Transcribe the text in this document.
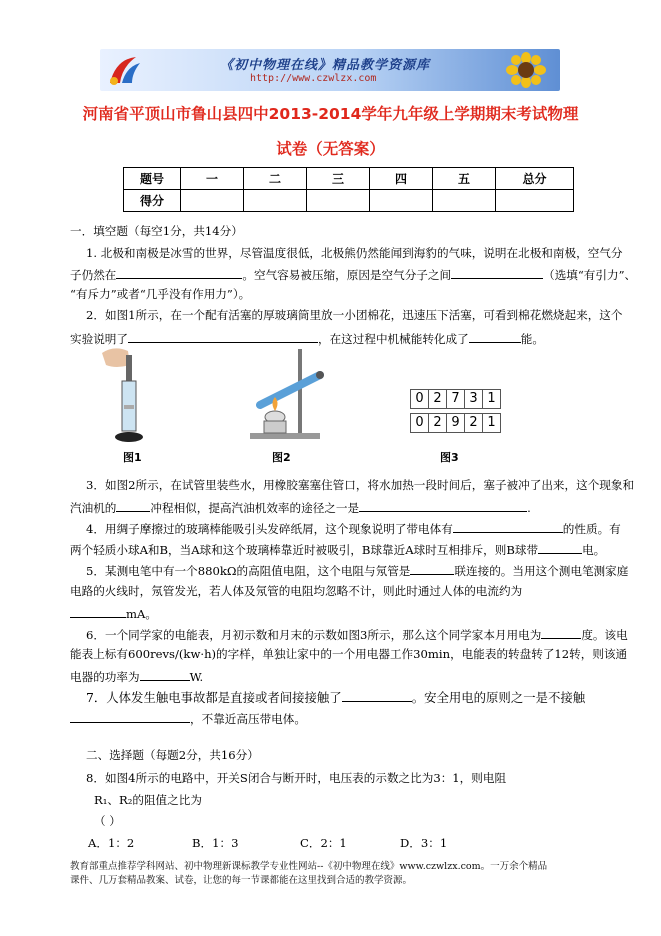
《初中物理在线》精品教学资源库
http://www.czwlzx.com
河南省平顶山市鲁山县四中2013-2014学年九年级上学期期末考试物理
试卷（无答案）
题号	一	二	三	四	五	总分
得分						
一．填空题（每空1分，共14分）
1. 北极和南极是冰雪的世界，尽管温度很低，北极熊仍然能闻到海豹的气味，说明在北极和南极，空气分
子仍然在	。空气容易被压缩，原因是空气分子之间	（选填“有引力”、
“有斥力”或者“几乎没有作用力”）。
2．如图1所示，在一个配有活塞的厚玻璃筒里放一小团棉花，迅速压下活塞，可看到棉花燃烧起来，这个
实验说明了	，在这过程中机械能转化成了	能。
0 2 7 3 1
0 2 9 2 1
图1	图2	图3
3．如图2所示，在试管里装些水，用橡胶塞塞住管口，将水加热一段时间后，塞子被冲了出来，这个现象和
汽油机的	冲程相似，提高汽油机效率的途径之一是	.
4．用绸子摩擦过的玻璃棒能吸引头发碎纸屑，这个现象说明了带电体有	的性质。有
两个轻质小球A和B，当A球和这个玻璃棒靠近时被吸引，B球靠近A球时互相排斥，则B球带	电。
5．某测电笔中有一个880kΩ的高阻值电阻，这个电阻与氖管是	联连接的。当用这个测电笔测家庭
电路的火线时，氖管发光，若人体及氖管的电阻均忽略不计，则此时通过人体的电流约为
mA。
6．一个同学家的电能表，月初示数和月末的示数如图3所示，那么这个同学家本月用电为	度。该电
能表上标有600revs/(kw·h)的字样，单独让家中的一个用电器工作30min，电能表的转盘转了12转，则该通
电器的功率为	W.
7．人体发生触电事故都是直接或者间接接触了	。安全用电的原则之一是不接触
，不靠近高压带电体。
二、选择题（每题2分，共16分）
8．如图4所示的电路中，开关S闭合与断开时，电压表的示数之比为3：1，则电阻
R₁、R₂的阻值之比为
（ ）
A．1：2	B．1：3	C．2：1	D．3：1
教育部重点推荐学科网站、初中物理新课标教学专业性网站--《初中物理在线》www.czwlzx.com。一万余个精品
课件、几万套精品教案、试卷，让您的每一节课都能在这里找到合适的教学资源。
